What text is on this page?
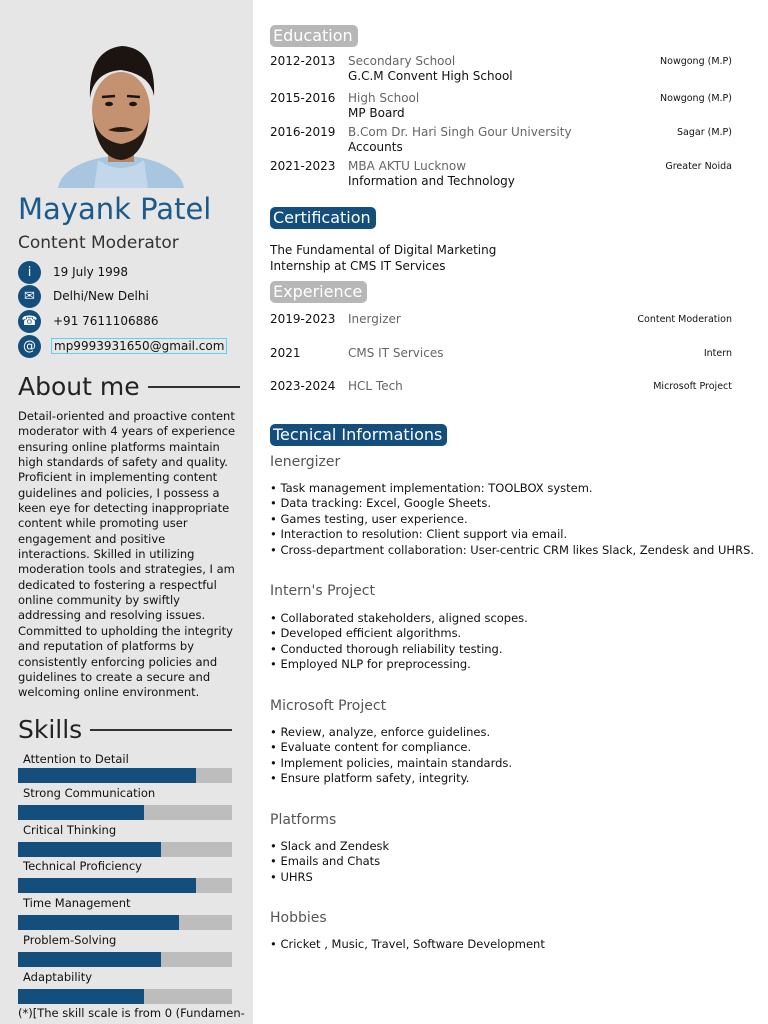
Mayank Patel
Content Moderator
i	19 July 1998
✉	Delhi/New Delhi
☎ +91 7611106886
@	mp9993931650@gmail.com
About me
Detail-oriented and proactive content moderator with 4 years of experience ensuring online platforms maintain high standards of safety and quality. Proficient in implementing content guidelines and policies, I possess a keen eye for detecting inappropriate content while promoting user engagement and positive interactions. Skilled in utilizing moderation tools and strategies, I am dedicated to fostering a respectful online community by swiftly addressing and resolving issues. Committed to upholding the integrity and reputation of platforms by consistently enforcing policies and guidelines to create a secure and welcoming online environment.
Skills
Attention to Detail
Strong Communication
Critical Thinking
Technical Proficiency
Time Management
Problem-Solving
Adaptability
(*)[The skill scale is from 0 (Fundamen-
Education
2012-2013 Secondary School
G.C.M Convent High School
Nowgong (M.P)
2015-2016 High School
MP Board
Nowgong (M.P)
2016-2019 B.Com Dr. Hari Singh Gour University
Accounts
Sagar (M.P)
2021-2023 MBA AKTU Lucknow
Information and Technology
Greater Noida
Certification
The Fundamental of Digital Marketing
Internship at CMS IT Services
Experience
2019-2023 Inergizer	Content Moderation
2021	CMS IT Services	Intern
2023-2024 HCL Tech	Microsoft Project
Tecnical Informations
Ienergizer
• Task management implementation: TOOLBOX system.
• Data tracking: Excel, Google Sheets.
• Games testing, user experience.
• Interaction to resolution: Client support via email.
• Cross-department collaboration: User-centric CRM likes Slack, Zendesk and UHRS.
Intern's Project
• Collaborated stakeholders, aligned scopes.
• Developed efficient algorithms.
• Conducted thorough reliability testing.
• Employed NLP for preprocessing.
Microsoft Project
• Review, analyze, enforce guidelines.
• Evaluate content for compliance.
• Implement policies, maintain standards.
• Ensure platform safety, integrity.
Platforms
• Slack and Zendesk
• Emails and Chats
• UHRS
Hobbies
• Cricket , Music, Travel, Software Development
